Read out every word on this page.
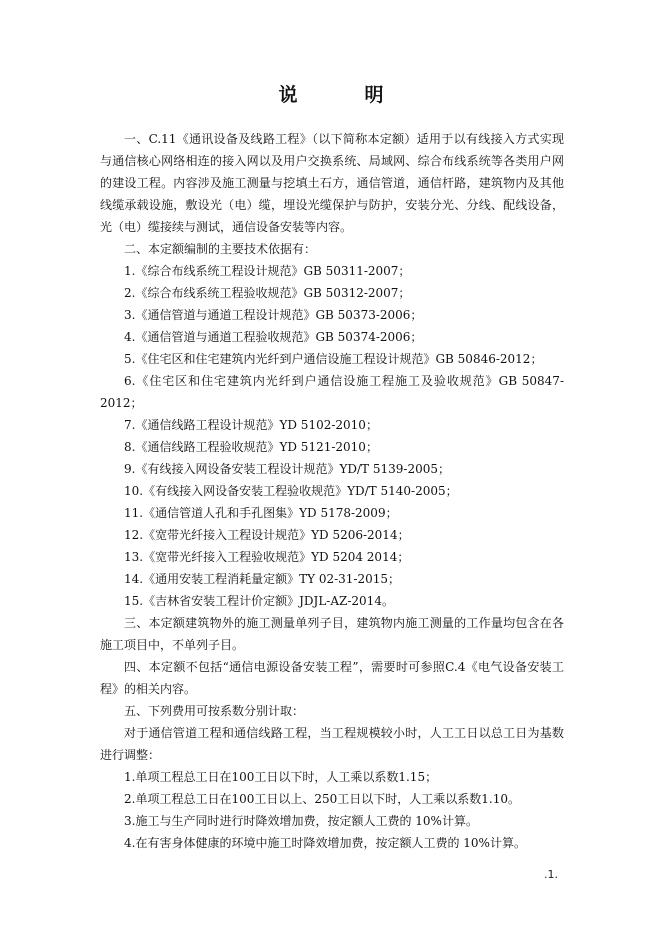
说　明

一、C.11《通讯设备及线路工程》（以下简称本定额）适用于以有线接入方式实现与通信核心网络相连的接入网以及用户交换系统、局域网、综合布线系统等各类用户网的建设工程。内容涉及施工测量与挖填土石方，通信管道，通信杆路，建筑物内及其他线缆承载设施，敷设光（电）缆，埋设光缆保护与防护，安装分光、分线、配线设备，光（电）缆接续与测试，通信设备安装等内容。

二、本定额编制的主要技术依据有：

1.《综合布线系统工程设计规范》GB 50311-2007；

2.《综合布线系统工程验收规范》GB 50312-2007；

3.《通信管道与通道工程设计规范》GB 50373-2006；

4.《通信管道与通道工程验收规范》GB 50374-2006；

5.《住宅区和住宅建筑内光纤到户通信设施工程设计规范》GB 50846-2012；

6.《住宅区和住宅建筑内光纤到户通信设施工程施工及验收规范》GB 50847-2012；

7.《通信线路工程设计规范》YD 5102-2010；

8.《通信线路工程验收规范》YD 5121-2010；

9.《有线接入网设备安装工程设计规范》YD/T 5139-2005；

10.《有线接入网设备安装工程验收规范》YD/T 5140-2005；

11.《通信管道人孔和手孔图集》YD 5178-2009；

12.《宽带光纤接入工程设计规范》YD 5206-2014；

13.《宽带光纤接入工程验收规范》YD 5204 2014；

14.《通用安装工程消耗量定额》TY 02-31-2015；

15.《吉林省安装工程计价定额》JDJL-AZ-2014。

三、本定额建筑物外的施工测量单列子目，建筑物内施工测量的工作量均包含在各施工项目中，不单列子目。

四、本定额不包括“通信电源设备安装工程”，需要时可参照C.4《电气设备安装工程》的相关内容。

五、下列费用可按系数分别计取：

对于通信管道工程和通信线路工程，当工程规模较小时，人工工日以总工日为基数进行调整：

1.单项工程总工日在100工日以下时，人工乘以系数1.15；

2.单项工程总工日在100工日以上、250工日以下时，人工乘以系数1.10。

3.施工与生产同时进行时降效增加费，按定额人工费的 10%计算。

4.在有害身体健康的环境中施工时降效增加费，按定额人工费的 10%计算。

.1.
